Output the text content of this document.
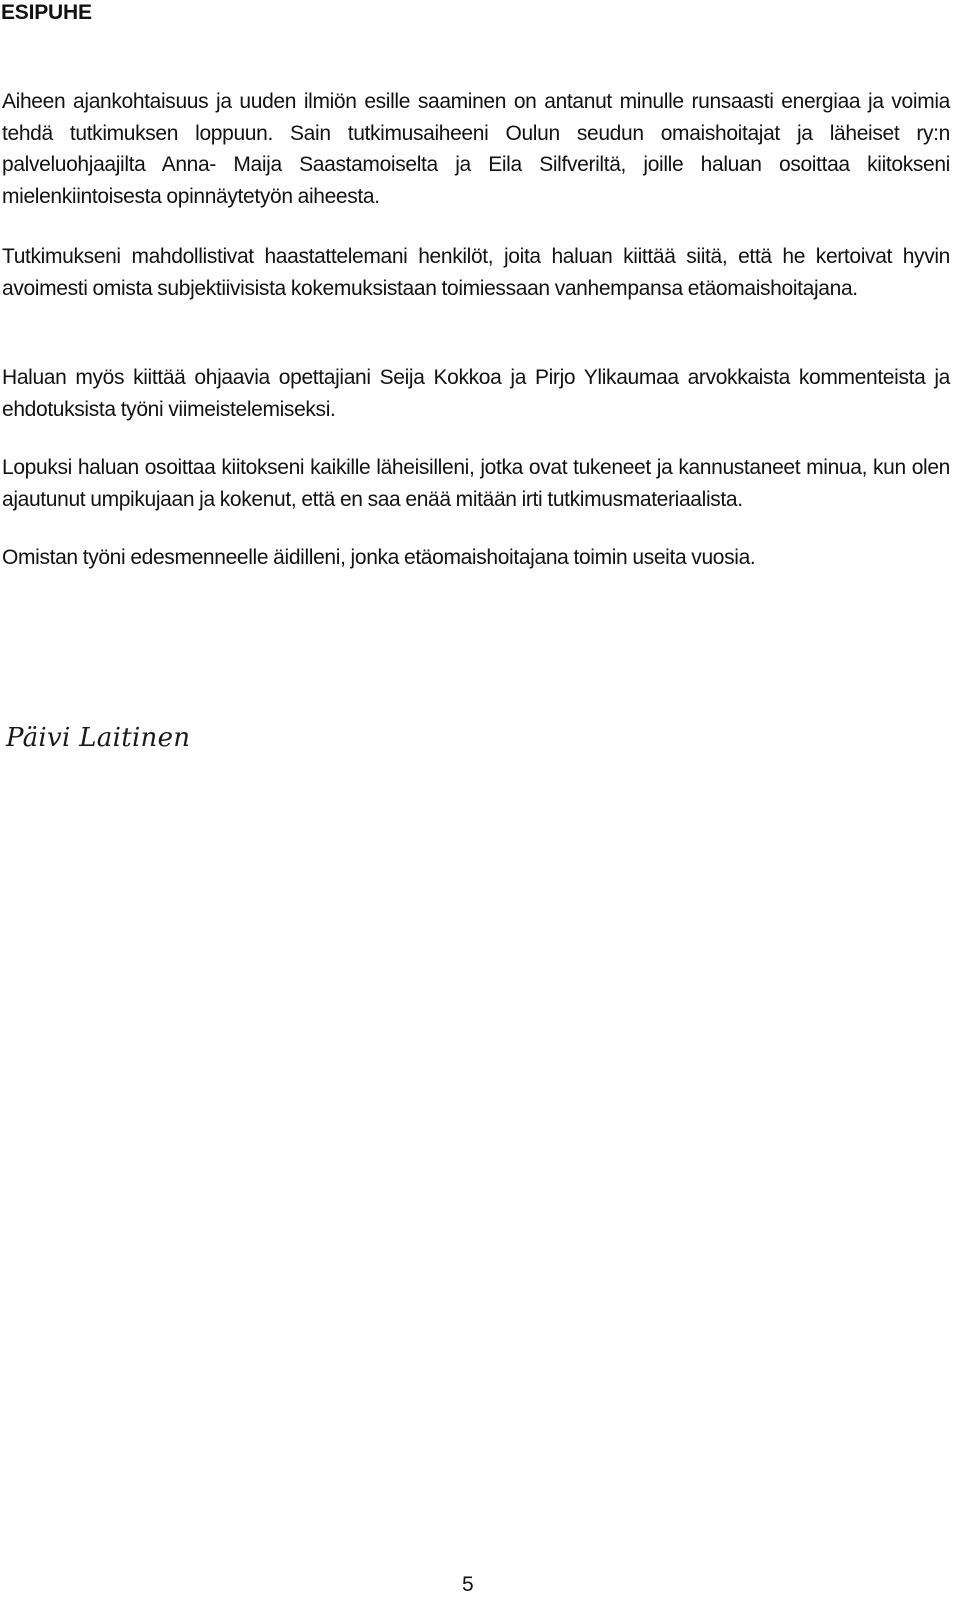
ESIPUHE

Aiheen ajankohtaisuus ja uuden ilmiön esille saaminen on antanut minulle runsaasti energiaa ja voimia tehdä tutkimuksen loppuun. Sain tutkimusaiheeni Oulun seudun omaishoitajat ja läheiset ry:n palveluohjaajilta Anna- Maija Saastamoiselta ja Eila Silfveriltä, joille haluan osoittaa kiitokseni mielenkiintoisesta opinnäytetyön aiheesta.

Tutkimukseni mahdollistivat haastattelemani henkilöt, joita haluan kiittää siitä, että he kertoivat hyvin avoimesti omista subjektiivisista kokemuksistaan toimiessaan vanhempansa etäomaishoitajana.

Haluan myös kiittää ohjaavia opettajiani Seija Kokkoa ja Pirjo Ylikaumaa arvokkaista kommenteista ja ehdotuksista työni viimeistelemiseksi.

Lopuksi haluan osoittaa kiitokseni kaikille läheisilleni, jotka ovat tukeneet ja kannustaneet minua, kun olen ajautunut umpikujaan ja kokenut, että en saa enää mitään irti tutkimusmateriaalista.

Omistan työni edesmenneelle äidilleni, jonka etäomaishoitajana toimin useita vuosia.

Päivi Laitinen

5
